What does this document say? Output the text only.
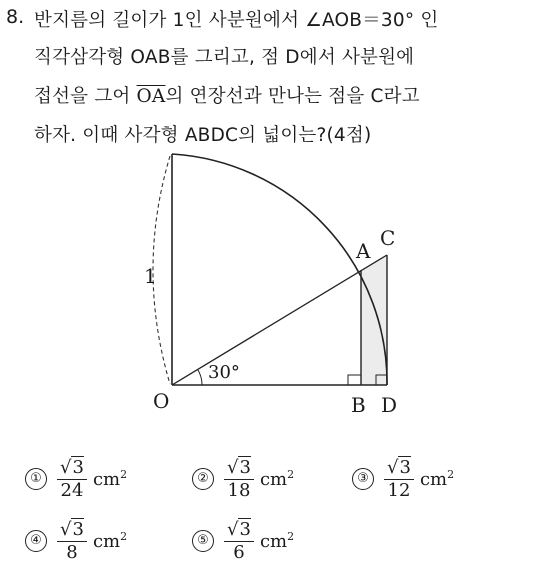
8. 반지름의 길이가 1인 사분원에서 ∠AOB＝30° 인
직각삼각형 OAB를 그리고, 점 D에서 사분원에
접선을 그어 $\overline{OA}$의 연장선과 만나는 점을 C라고
하자. 이때 사각형 ABDC의 넓이는?(4점)
O
A
C
B D
1
30°
① $\frac{√3}{24} cm^2$	② $\frac{√3}{18} cm^2$	③ $\frac{√3}{12} cm^2$
④ $\frac{√3}{8} cm^2$	⑤ $\frac{√3}{6} cm^2$
